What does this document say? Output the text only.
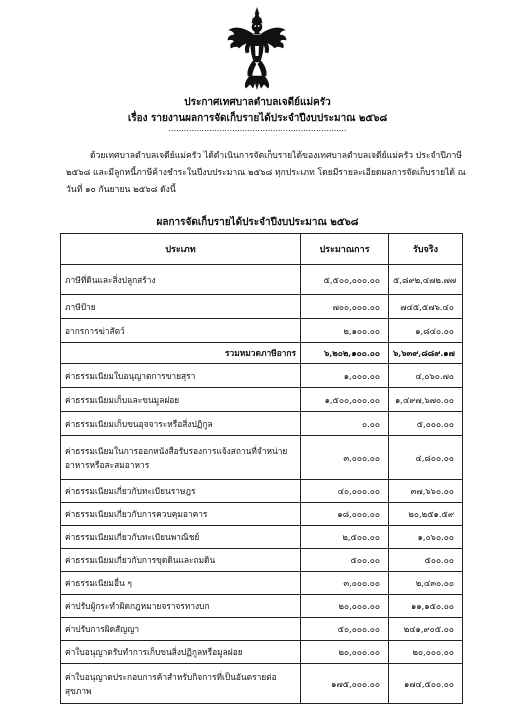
ประกาศเทศบาลตำบลเจดีย์แม่ครัว
เรื่อง รายงานผลการจัดเก็บรายได้ประจำปีงบประมาณ ๒๕๖๘
......................................................................
ด้วยเทศบาลตำบลเจดีย์แม่ครัว ได้ดำเนินการจัดเก็บรายได้ของเทศบาลตำบลเจดีย์แม่ครัว ประจำปีภาษี ๒๕๖๘ และมีลูกหนี้ภาษีค้างชำระในปีงบประมาณ ๒๕๖๘ ทุกประเภท โดยมีรายละเอียดผลการจัดเก็บรายได้ ณ วันที่ ๑๐ กันยายน ๒๕๖๘ ดังนี้
ผลการจัดเก็บรายได้ประจำปีงบประมาณ ๒๕๖๘
ประเภท	ประมาณการ	รับจริง
ภาษีที่ดินและสิ่งปลูกสร้าง	๕,๕๐๐,๐๐๐.๐๐	๕,๘๙๒,๔๗๒.๗๗
ภาษีป้าย	๗๐๐,๐๐๐.๐๐	๗๔๕,๕๗๖.๔๐
อากรการฆ่าสัตว์	๒,๑๐๐.๐๐	๑,๘๔๐.๐๐
รวมหมวดภาษีอากร	๖,๒๐๒,๑๐๐.๐๐	๖,๖๓๙,๘๘๙.๑๗
ค่าธรรมเนียมใบอนุญาตการขายสุรา	๑,๐๐๐.๐๐	๔,๐๖๐.๗๐
ค่าธรรมเนียมเก็บและขนมูลฝอย	๑,๕๐๐,๐๐๐.๐๐	๑,๔๙๗,๖๗๐.๐๐
ค่าธรรมเนียมเก็บขนอุจจาระหรือสิ่งปฏิกูล	๐.๐๐	๕,๐๐๐.๐๐
ค่าธรรมเนียมในการออกหนังสือรับรองการแจ้งสถานที่จำหน่ายอาหารหรือสะสมอาหาร	๓,๐๐๐.๐๐	๔,๘๐๐.๐๐
ค่าธรรมเนียมเกี่ยวกับทะเบียนราษฎร	๔๐,๐๐๐.๐๐	๓๗,๖๖๐.๐๐
ค่าธรรมเนียมเกี่ยวกับการควบคุมอาคาร	๑๘,๐๐๐.๐๐	๒๐,๒๕๑.๕๙
ค่าธรรมเนียมเกี่ยวกับทะเบียนพาณิชย์	๒,๕๐๐.๐๐	๑,๐๖๐.๐๐
ค่าธรรมเนียมเกี่ยวกับการขุดดินและถมดิน	๕๐๐.๐๐	๕๐๐.๐๐
ค่าธรรมเนียมอื่น ๆ	๓,๐๐๐.๐๐	๒,๔๓๐.๐๐
ค่าปรับผู้กระทำผิดกฎหมายจราจรทางบก	๒๐,๐๐๐.๐๐	๑๑,๑๕๐.๐๐
ค่าปรับการผิดสัญญา	๕๐,๐๐๐.๐๐	๒๔๑,๙๐๕.๐๐
ค่าใบอนุญาตรับทำการเก็บขนสิ่งปฏิกูลหรือมูลฝอย	๒๐,๐๐๐.๐๐	๒๐,๐๐๐.๐๐
ค่าใบอนุญาตประกอบการค้าสำหรับกิจการที่เป็นอันตรายต่อสุขภาพ	๑๗๕,๐๐๐.๐๐	๑๗๔,๕๐๐.๐๐
